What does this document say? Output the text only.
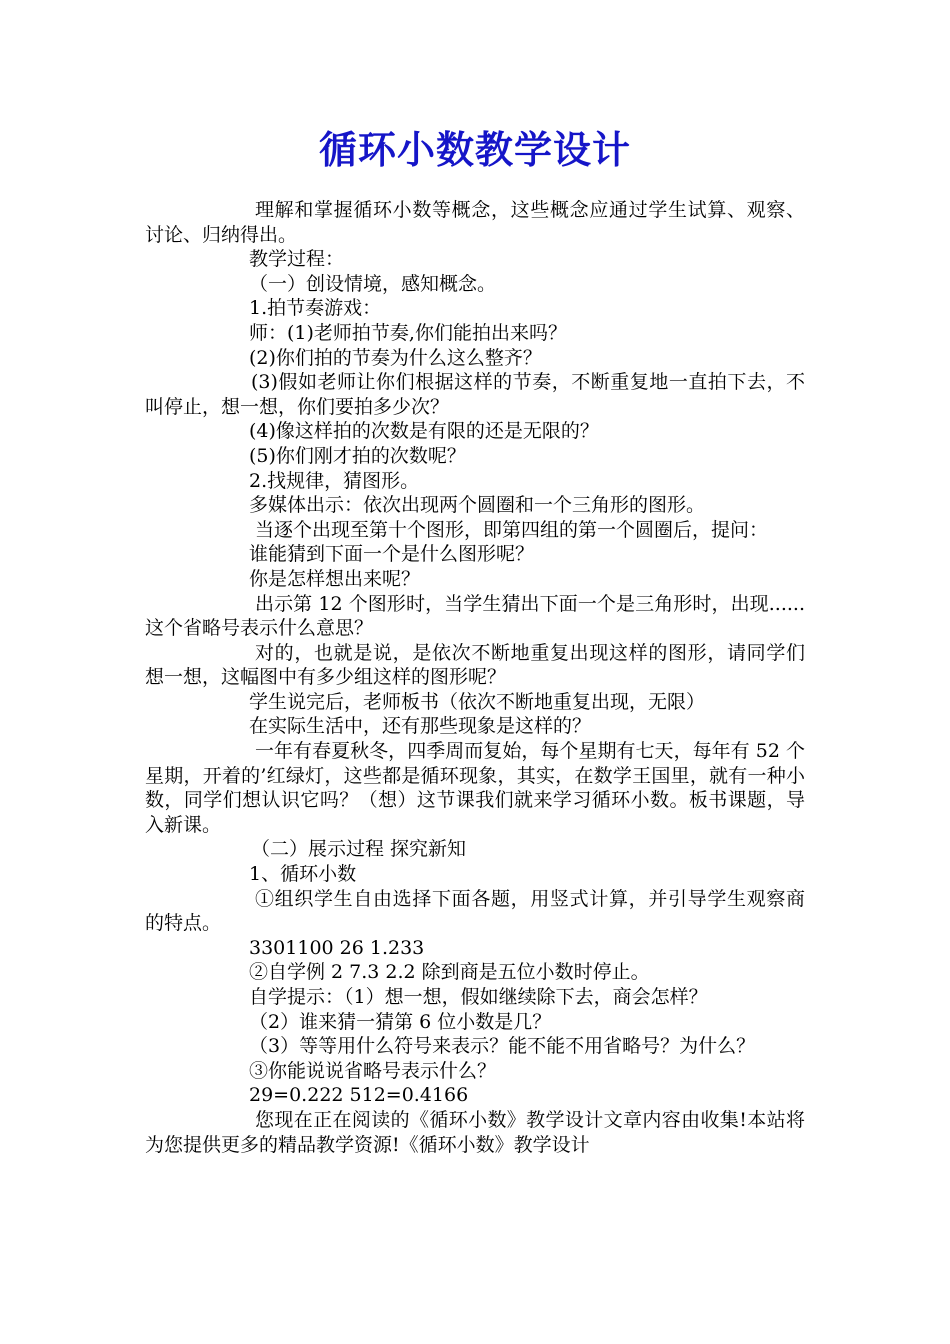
循环小数教学设计

理解和掌握循环小数等概念，这些概念应通过学生试算、观察、讨论、归纳得出。

教学过程：

（一）创设情境，感知概念。

1.拍节奏游戏：

师：(1)老师拍节奏,你们能拍出来吗？

(2)你们拍的节奏为什么这么整齐？

(3)假如老师让你们根据这样的节奏，不断重复地一直拍下去，不叫停止，想一想，你们要拍多少次？

(4)像这样拍的次数是有限的还是无限的？

(5)你们刚才拍的次数呢？

2.找规律，猜图形。

多媒体出示：依次出现两个圆圈和一个三角形的图形。

当逐个出现至第十个图形，即第四组的第一个圆圈后，提问：

谁能猜到下面一个是什么图形呢？

你是怎样想出来呢？

出示第 12 个图形时，当学生猜出下面一个是三角形时，出现......这个省略号表示什么意思？

对的，也就是说，是依次不断地重复出现这样的图形，请同学们想一想，这幅图中有多少组这样的图形呢？

学生说完后，老师板书（依次不断地重复出现，无限）

在实际生活中，还有那些现象是这样的？

一年有春夏秋冬，四季周而复始，每个星期有七天，每年有 52 个星期，开着的’红绿灯，这些都是循环现象，其实，在数学王国里，就有一种小数，同学们想认识它吗？（想）这节课我们就来学习循环小数。板书课题，导入新课。

（二）展示过程 探究新知

1、循环小数

①组织学生自由选择下面各题，用竖式计算，并引导学生观察商的特点。

3301100 26 1.233

②自学例 2 7.3 2.2 除到商是五位小数时停止。

自学提示：（1）想一想，假如继续除下去，商会怎样？

（2）谁来猜一猜第 6 位小数是几？

（3）等等用什么符号来表示？能不能不用省略号？为什么？

③你能说说省略号表示什么？

29=0.222 512=0.4166

您现在正在阅读的《循环小数》教学设计文章内容由收集!本站将为您提供更多的精品教学资源!《循环小数》教学设计
